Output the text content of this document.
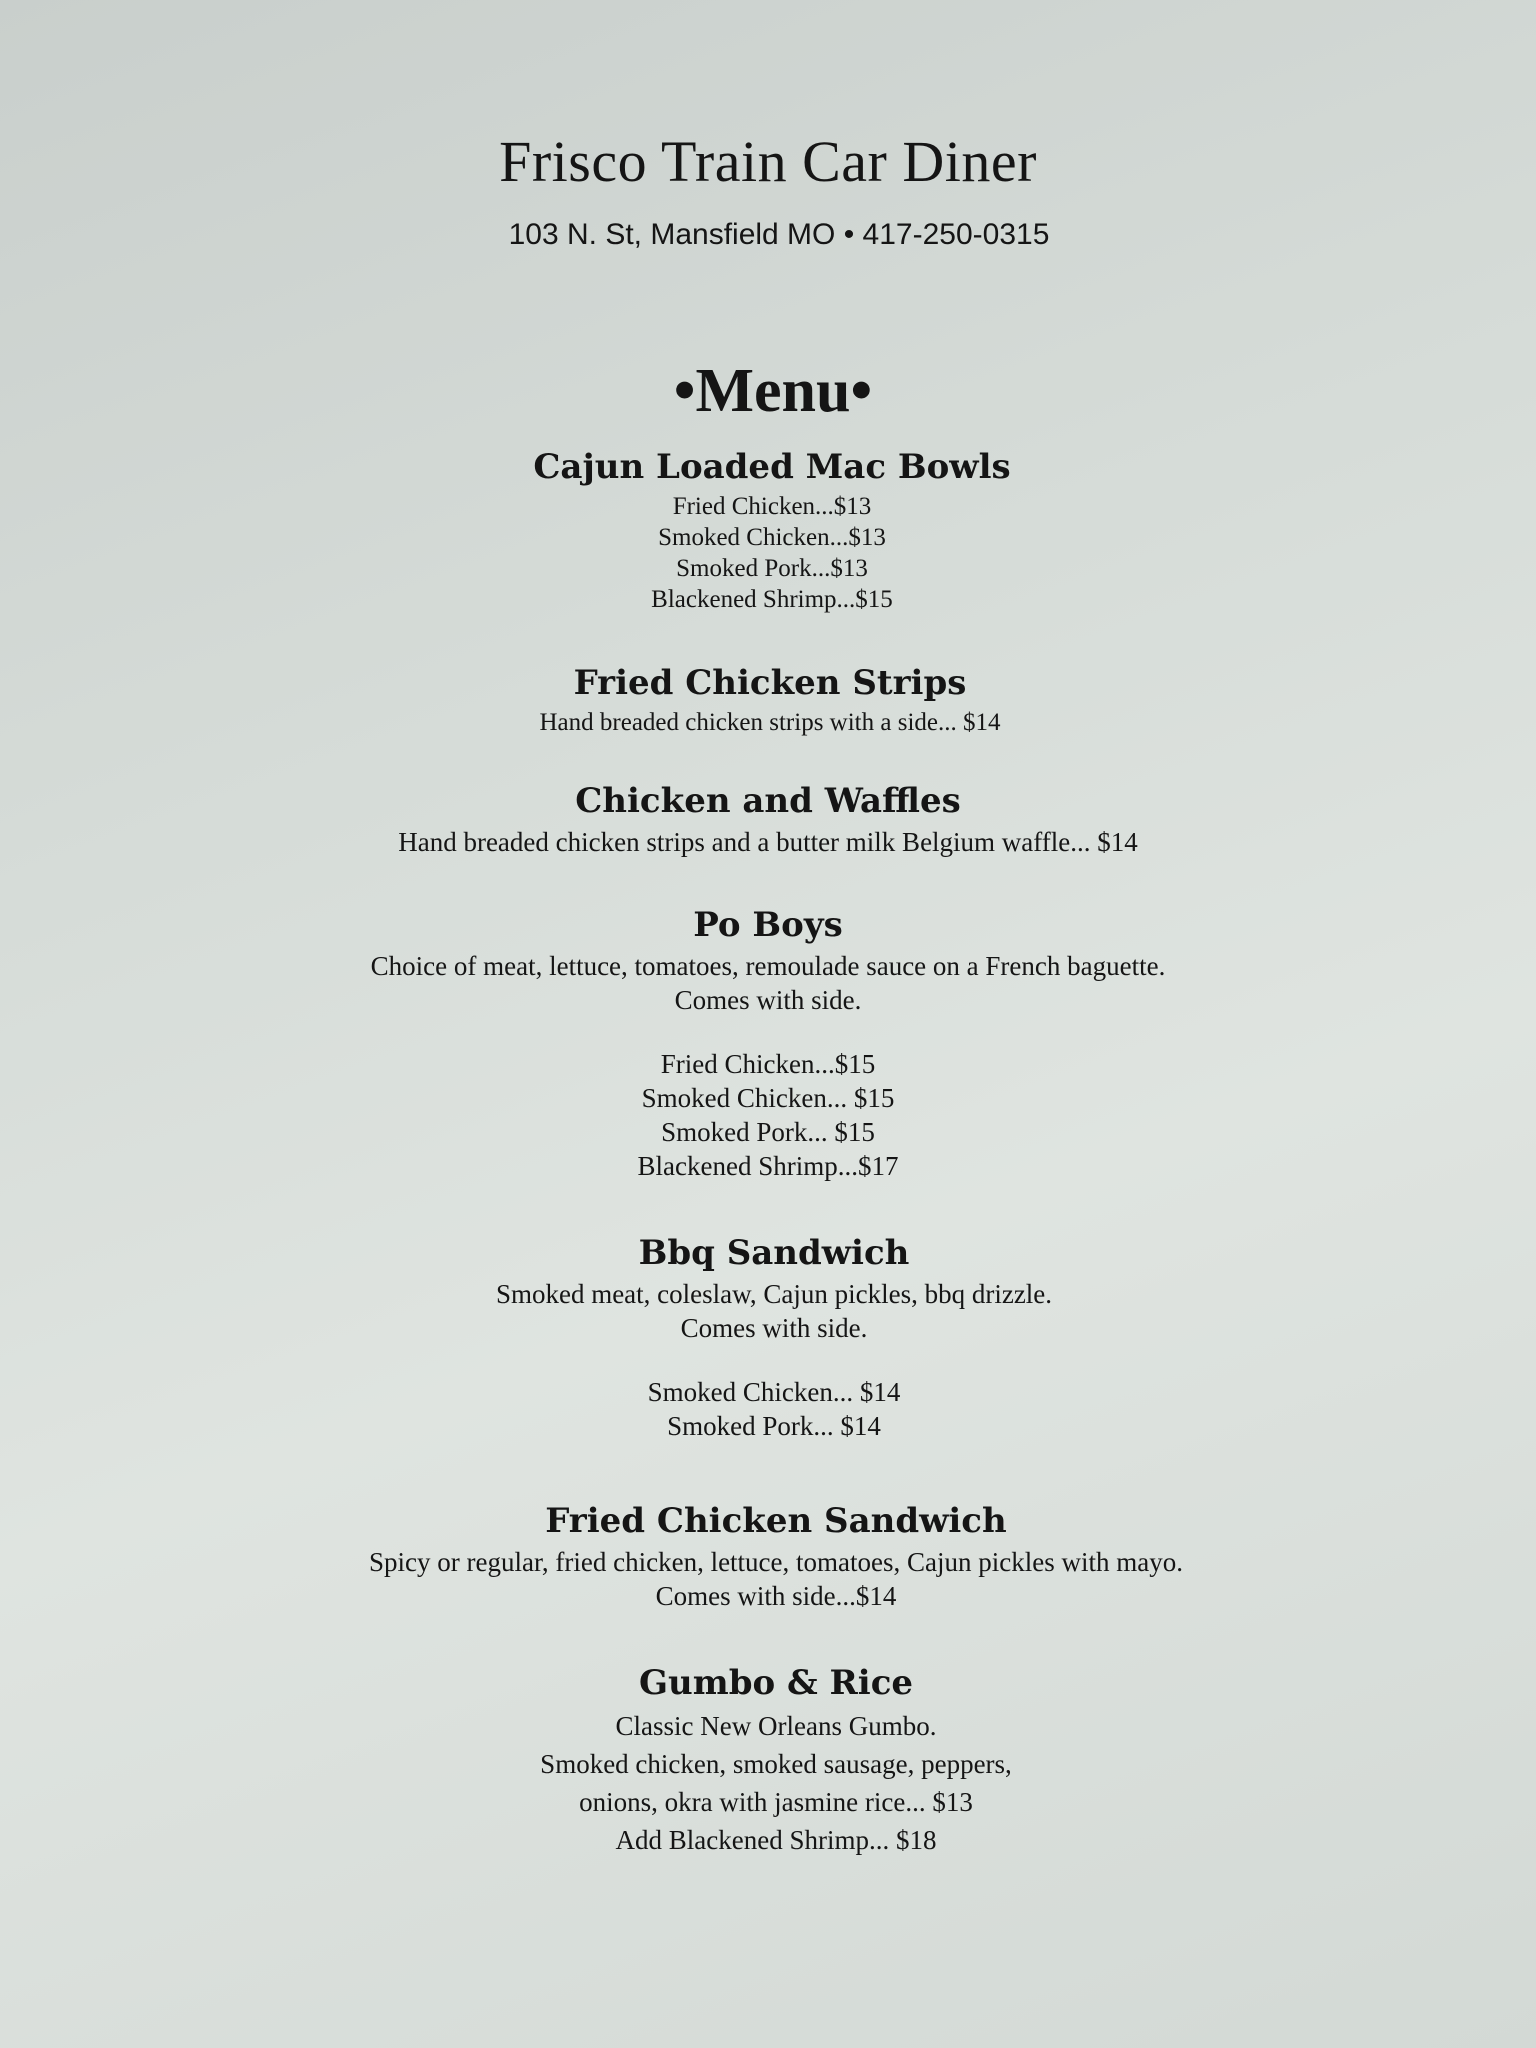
Frisco Train Car Diner

103 N. St, Mansfield MO • 417-250-0315

•Menu•
Cajun Loaded Mac Bowls

Fried Chicken...$13

Smoked Chicken...$13

Smoked Pork...$13

Blackened Shrimp...$15

Fried Chicken Strips

Hand breaded chicken strips with a side... $14

Chicken and Waffles

Hand breaded chicken strips and a butter milk Belgium waffle... $14

Po Boys

Choice of meat, lettuce, tomatoes, remoulade sauce on a French baguette.

Comes with side.

Fried Chicken...$15

Smoked Chicken... $15

Smoked Pork... $15

Blackened Shrimp...$17

Bbq Sandwich

Smoked meat, coleslaw, Cajun pickles, bbq drizzle.

Comes with side.

Smoked Chicken... $14

Smoked Pork... $14

Fried Chicken Sandwich

Spicy or regular, fried chicken, lettuce, tomatoes, Cajun pickles with mayo.

Comes with side...$14

Gumbo & Rice

Classic New Orleans Gumbo.

Smoked chicken, smoked sausage, peppers,

onions, okra with jasmine rice... $13

Add Blackened Shrimp... $18
